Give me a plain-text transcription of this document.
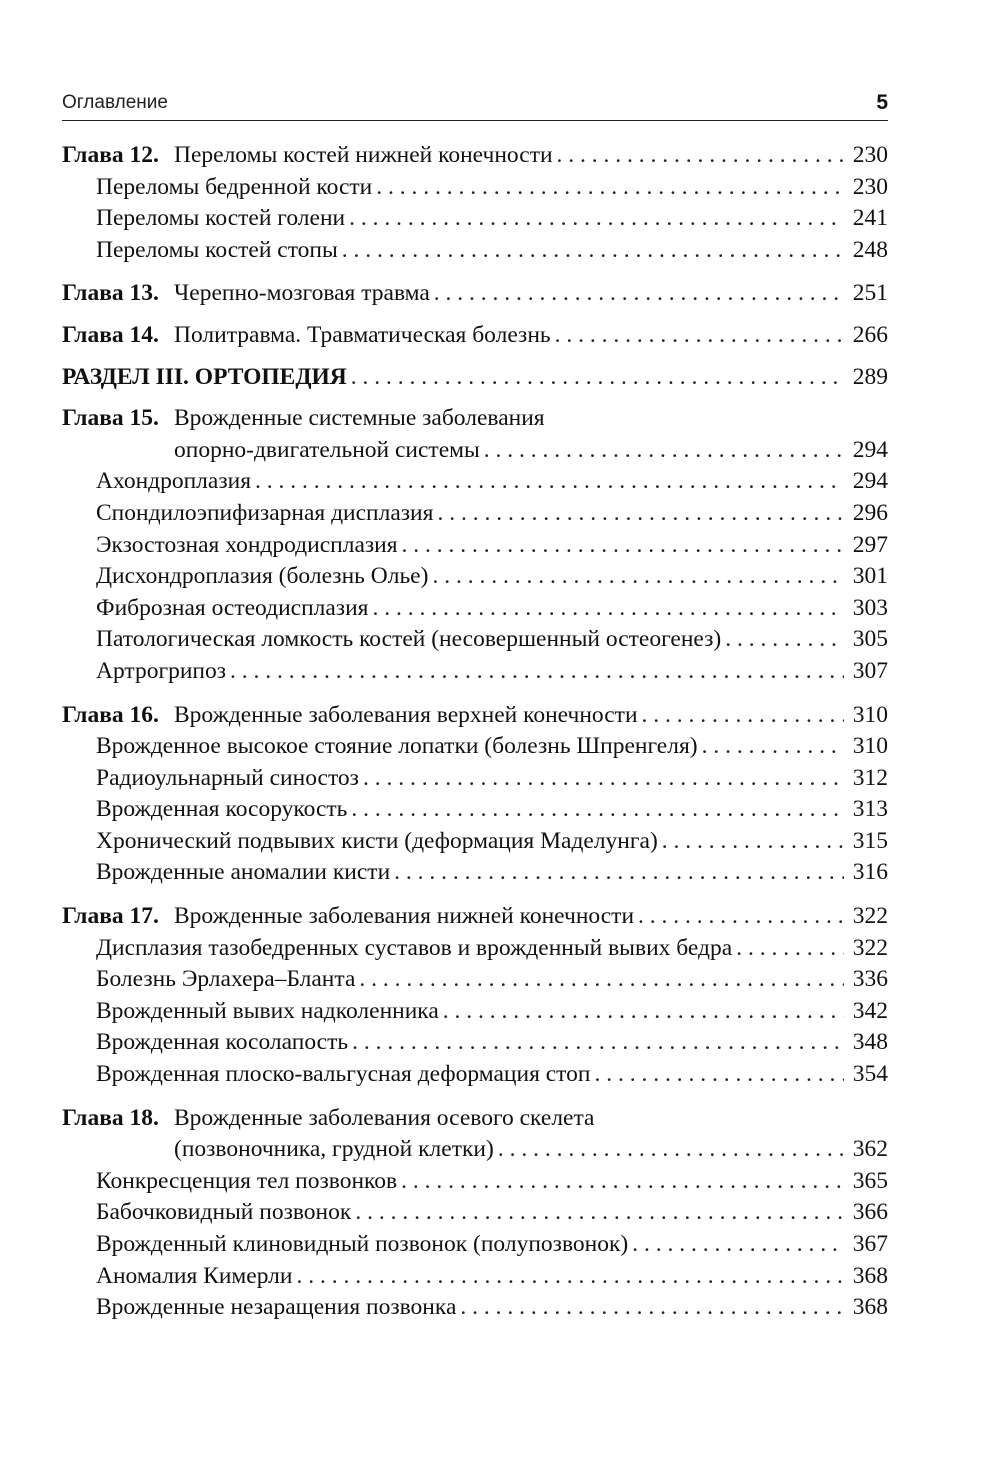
Оглавление	5
Глава 12. Переломы костей нижней конечности . . .	230
Переломы бедренной кости . . .	230
Переломы костей голени . . .	241
Переломы костей стопы . . .	248
Глава 13. Черепно-мозговая травма . . .	251
Глава 14. Политравма. Травматическая болезнь . . .	266
РАЗДЕЛ III. ОРТОПЕДИЯ . . .	289
Глава 15. Врожденные системные заболевания
опорно-двигательной системы . . .	294
Ахондроплазия . . .	294
Спондилоэпифизарная дисплазия . . .	296
Экзостозная хондродисплазия . . .	297
Дисхондроплазия (болезнь Олье) . . .	301
Фиброзная остеодисплазия . . .	303
Патологическая ломкость костей (несовершенный остеогенез) . . .	305
Артрогрипоз . . .	307
Глава 16. Врожденные заболевания верхней конечности . . .	310
Врожденное высокое стояние лопатки (болезнь Шпренгеля) . . .	310
Радиоульнарный синостоз . . .	312
Врожденная косорукость . . .	313
Хронический подвывих кисти (деформация Маделунга) . . .	315
Врожденные аномалии кисти . . .	316
Глава 17. Врожденные заболевания нижней конечности . . .	322
Дисплазия тазобедренных суставов и врожденный вывих бедра . . .	322
Болезнь Эрлахера–Бланта . . .	336
Врожденный вывих надколенника . . .	342
Врожденная косолапость . . .	348
Врожденная плоско-вальгусная деформация стоп . . .	354
Глава 18. Врожденные заболевания осевого скелета
(позвоночника, грудной клетки) . . .	362
Конкресценция тел позвонков . . .	365
Бабочковидный позвонок . . .	366
Врожденный клиновидный позвонок (полупозвонок) . . .	367
Аномалия Кимерли . . .	368
Врожденные незаращения позвонка . . .	368
